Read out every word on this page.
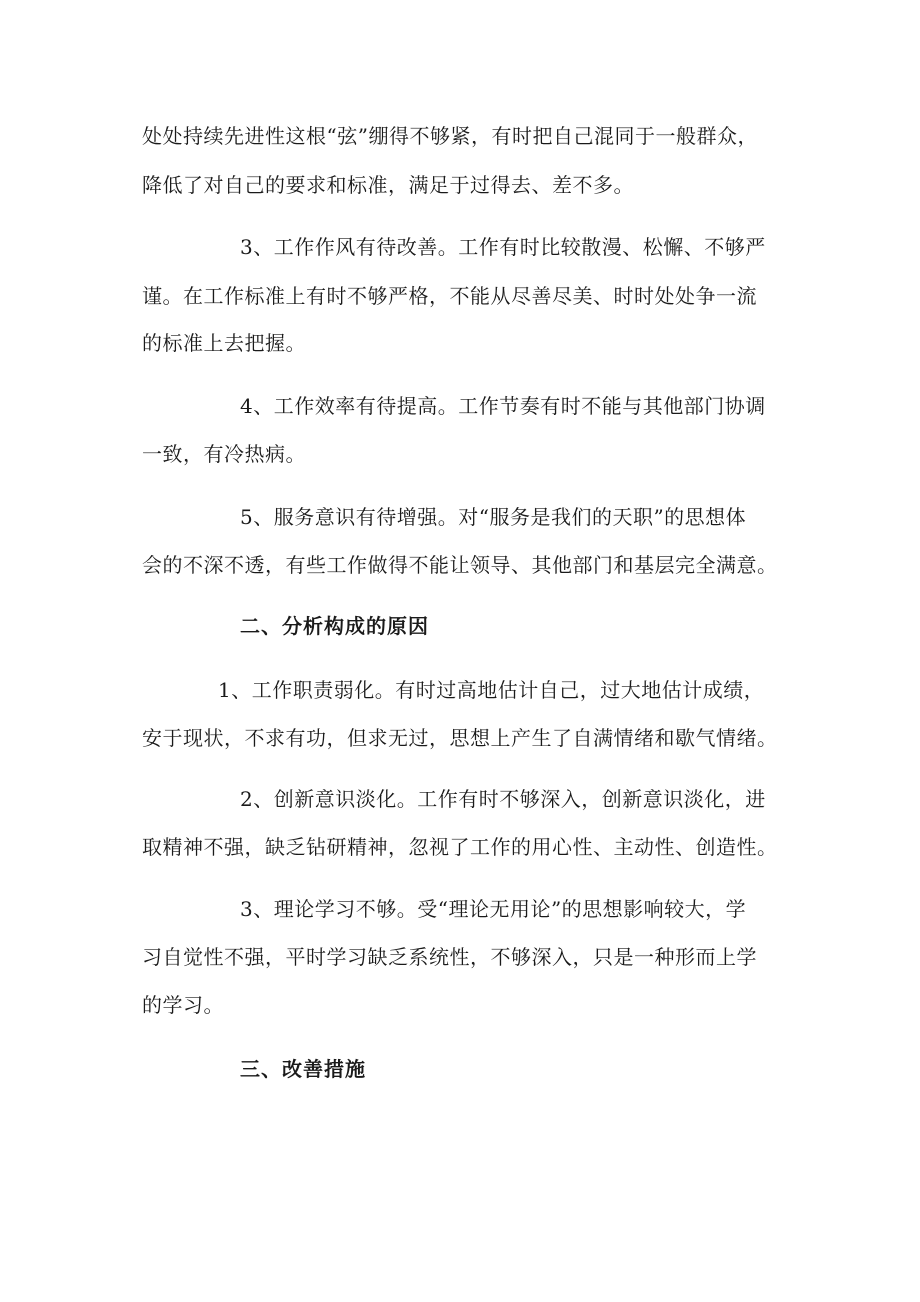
处处持续先进性这根“弦”绷得不够紧，有时把自己混同于一般群众，
降低了对自己的要求和标准，满足于过得去、差不多。
3、工作作风有待改善。工作有时比较散漫、松懈、不够严
谨。在工作标准上有时不够严格，不能从尽善尽美、时时处处争一流
的标准上去把握。
4、工作效率有待提高。工作节奏有时不能与其他部门协调
一致，有冷热病。
5、服务意识有待增强。对“服务是我们的天职”的思想体
会的不深不透，有些工作做得不能让领导、其他部门和基层完全满意。
二、分析构成的原因
1、工作职责弱化。有时过高地估计自己，过大地估计成绩，
安于现状，不求有功，但求无过，思想上产生了自满情绪和歇气情绪。
2、创新意识淡化。工作有时不够深入，创新意识淡化，进
取精神不强，缺乏钻研精神，忽视了工作的用心性、主动性、创造性。
3、理论学习不够。受“理论无用论”的思想影响较大，学
习自觉性不强，平时学习缺乏系统性，不够深入，只是一种形而上学
的学习。
三、改善措施
